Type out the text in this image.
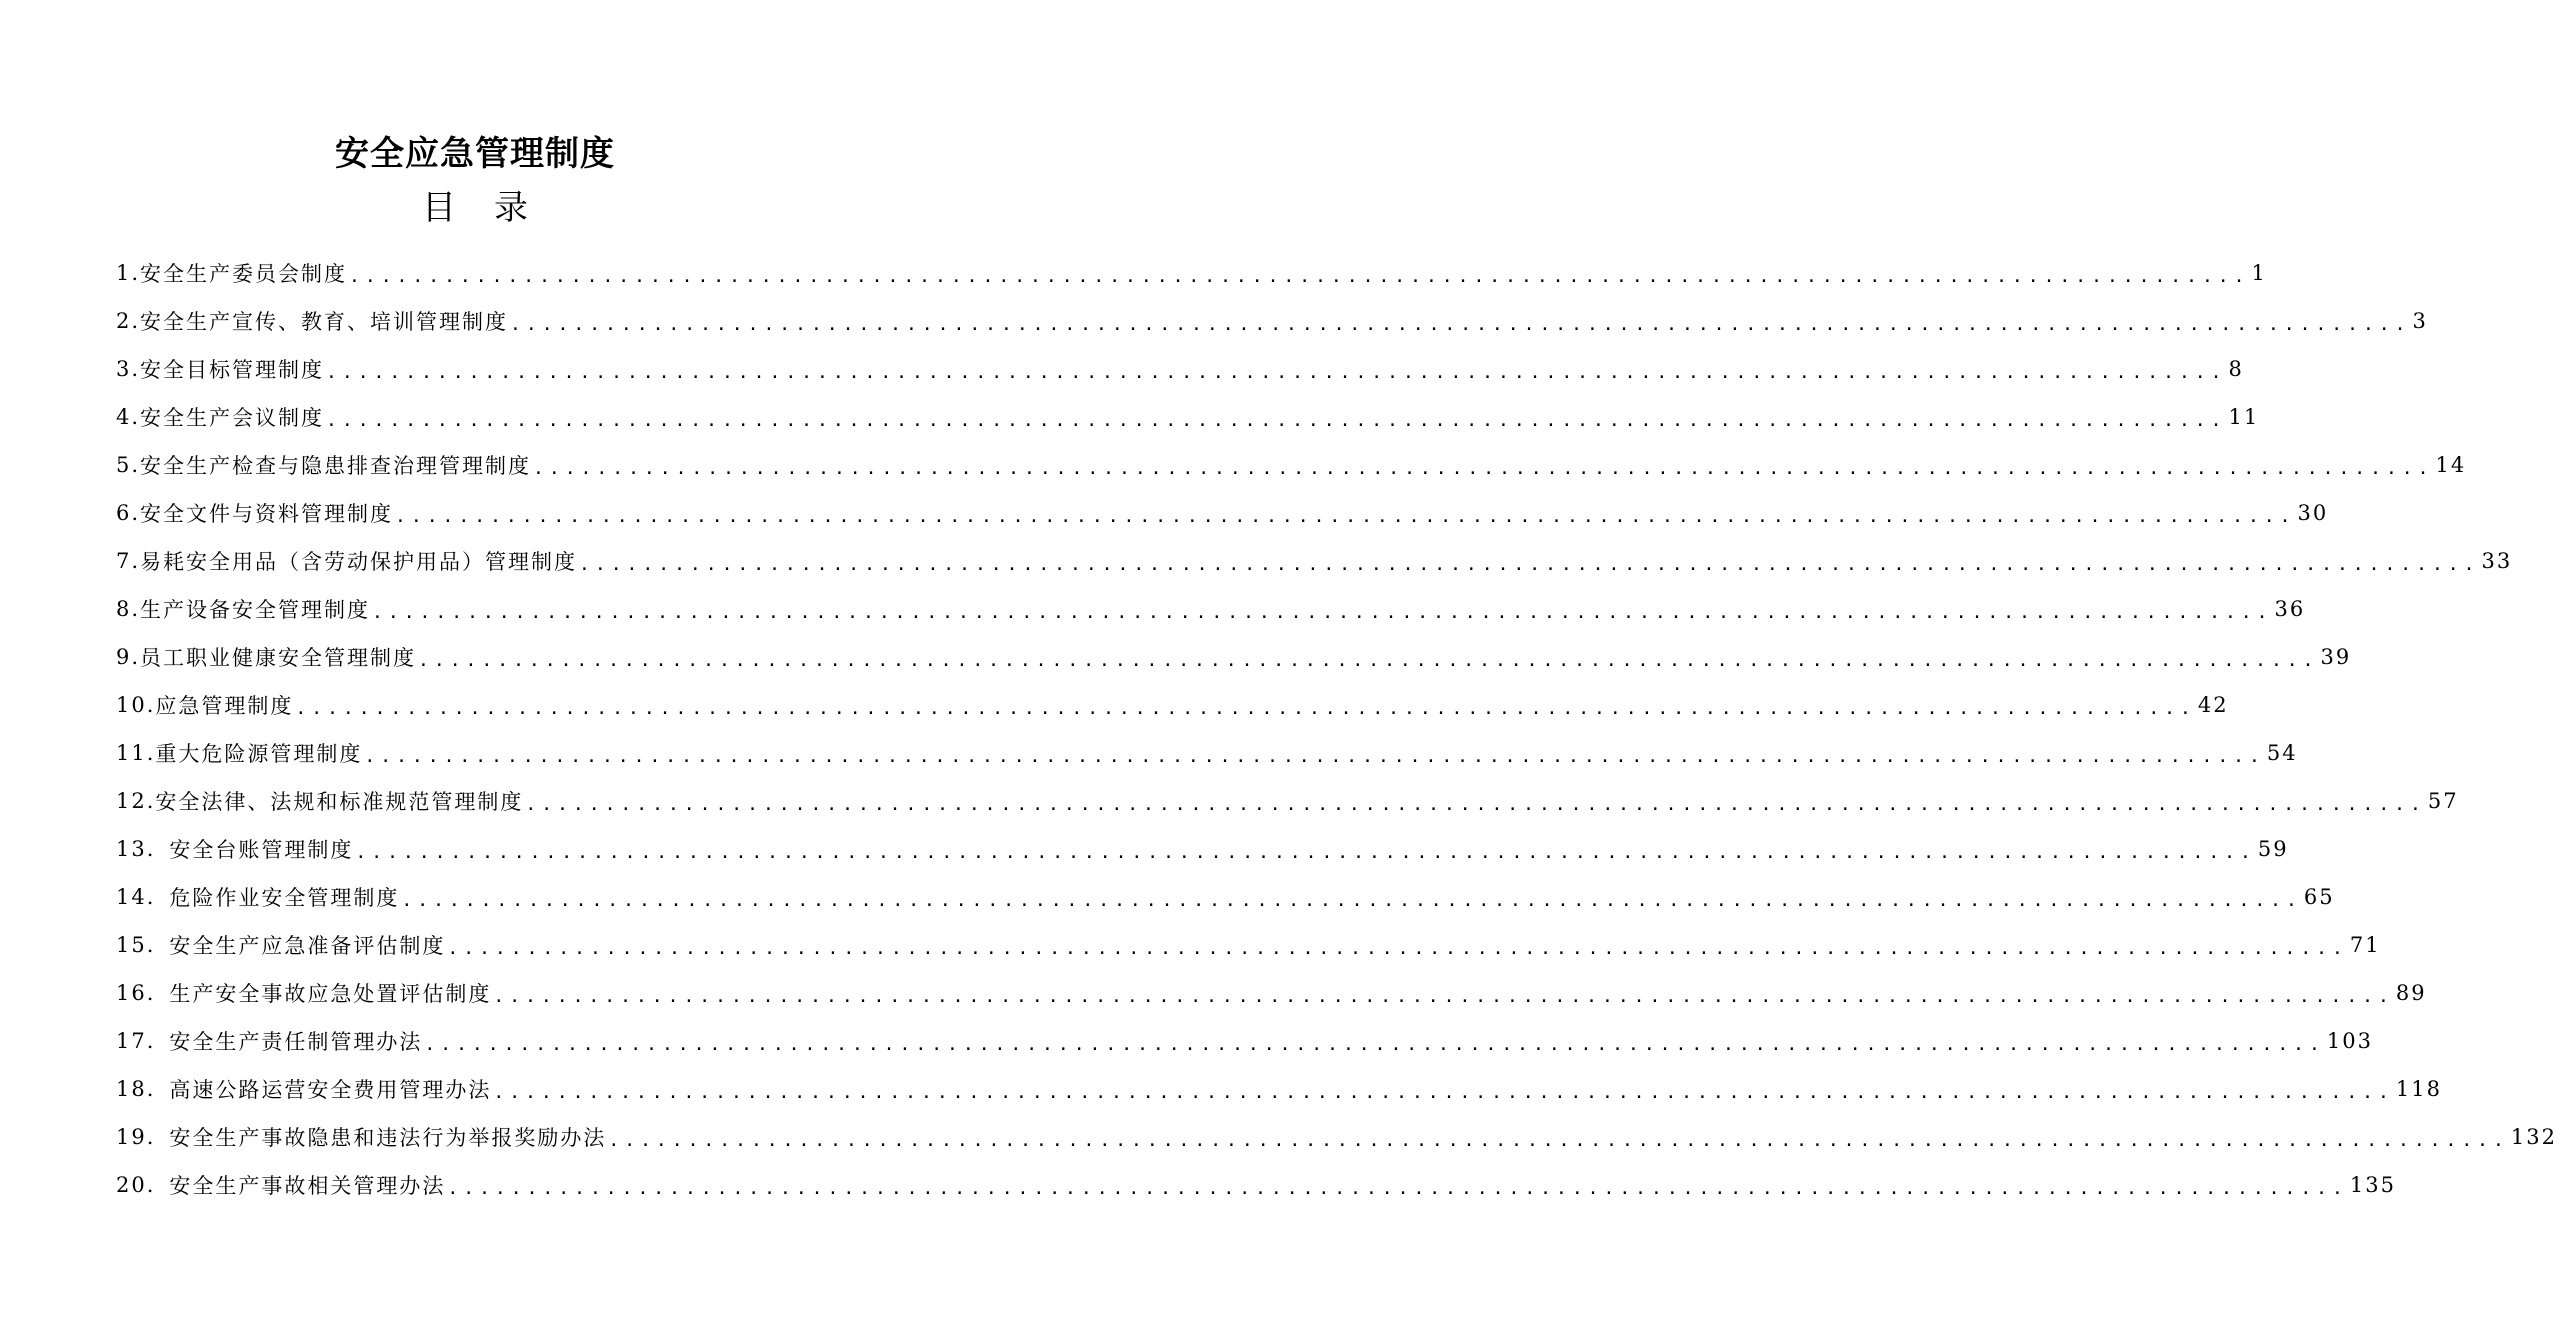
安全应急管理制度
目 录
1. 安全生产委员会制度 ........................................................................................................................ 1
2. 安全生产宣传、教育、培训管理制度 ........................................................................................................................ 3
3. 安全目标管理制度 ........................................................................................................................ 8
4. 安全生产会议制度 ........................................................................................................................ 11
5. 安全生产检查与隐患排查治理管理制度 ........................................................................................................................ 14
6. 安全文件与资料管理制度 ........................................................................................................................ 30
7. 易耗安全用品（含劳动保护用品）管理制度 ........................................................................................................................ 33
8. 生产设备安全管理制度 ........................................................................................................................ 36
9. 员工职业健康安全管理制度 ........................................................................................................................ 39
10. 应急管理制度 ........................................................................................................................ 42
11. 重大危险源管理制度 ........................................................................................................................ 54
12. 安全法律、法规和标准规范管理制度 ........................................................................................................................ 57
13. 安全台账管理制度 ........................................................................................................................ 59
14. 危险作业安全管理制度 ........................................................................................................................ 65
15. 安全生产应急准备评估制度 ........................................................................................................................ 71
16. 生产安全事故应急处置评估制度 ........................................................................................................................ 89
17. 安全生产责任制管理办法 ........................................................................................................................ 103
18. 高速公路运营安全费用管理办法 ........................................................................................................................ 118
19. 安全生产事故隐患和违法行为举报奖励办法 ........................................................................................................................ 132
20. 安全生产事故相关管理办法 ........................................................................................................................ 135
